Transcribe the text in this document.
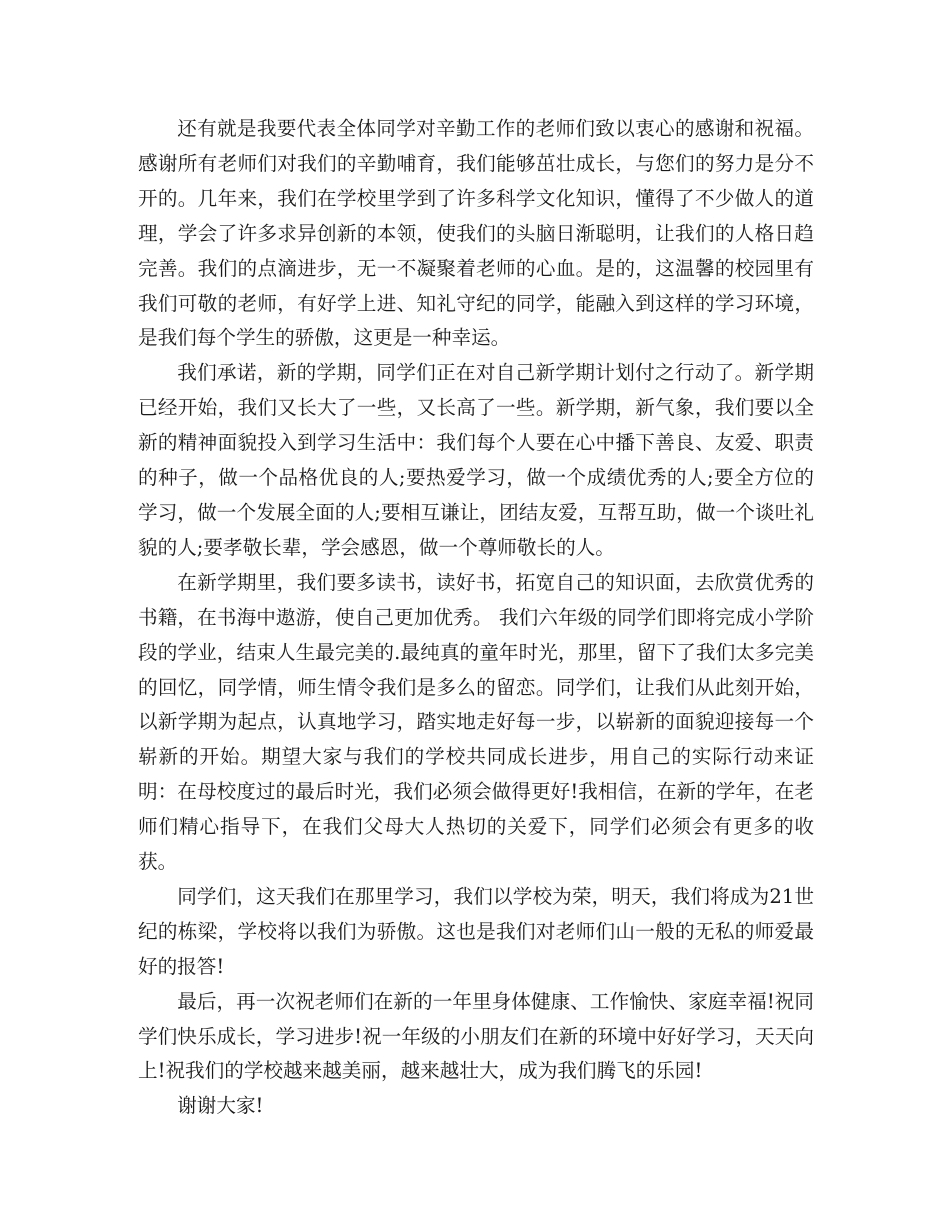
还有就是我要代表全体同学对辛勤工作的老师们致以衷心的感谢和祝福。感谢所有老师们对我们的辛勤哺育，我们能够茁壮成长，与您们的努力是分不开的。几年来，我们在学校里学到了许多科学文化知识，懂得了不少做人的道理，学会了许多求异创新的本领，使我们的头脑日渐聪明，让我们的人格日趋完善。我们的点滴进步，无一不凝聚着老师的心血。是的，这温馨的校园里有我们可敬的老师，有好学上进、知礼守纪的同学，能融入到这样的学习环境，是我们每个学生的骄傲，这更是一种幸运。

我们承诺，新的学期，同学们正在对自己新学期计划付之行动了。新学期已经开始，我们又长大了一些，又长高了一些。新学期，新气象，我们要以全新的精神面貌投入到学习生活中：我们每个人要在心中播下善良、友爱、职责的种子，做一个品格优良的人;要热爱学习，做一个成绩优秀的人;要全方位的学习，做一个发展全面的人;要相互谦让，团结友爱，互帮互助，做一个谈吐礼貌的人;要孝敬长辈，学会感恩，做一个尊师敬长的人。

在新学期里，我们要多读书，读好书，拓宽自己的知识面，去欣赏优秀的书籍，在书海中遨游，使自己更加优秀。 我们六年级的同学们即将完成小学阶段的学业，结束人生最完美的.最纯真的童年时光，那里，留下了我们太多完美的回忆，同学情，师生情令我们是多么的留恋。同学们，让我们从此刻开始，以新学期为起点，认真地学习，踏实地走好每一步，以崭新的面貌迎接每一个崭新的开始。期望大家与我们的学校共同成长进步，用自己的实际行动来证明：在母校度过的最后时光，我们必须会做得更好!我相信，在新的学年，在老师们精心指导下，在我们父母大人热切的关爱下，同学们必须会有更多的收获。

同学们，这天我们在那里学习，我们以学校为荣，明天，我们将成为21世纪的栋梁，学校将以我们为骄傲。这也是我们对老师们山一般的无私的师爱最好的报答!

最后，再一次祝老师们在新的一年里身体健康、工作愉快、家庭幸福!祝同学们快乐成长，学习进步!祝一年级的小朋友们在新的环境中好好学习，天天向上!祝我们的学校越来越美丽，越来越壮大，成为我们腾飞的乐园!

谢谢大家!
